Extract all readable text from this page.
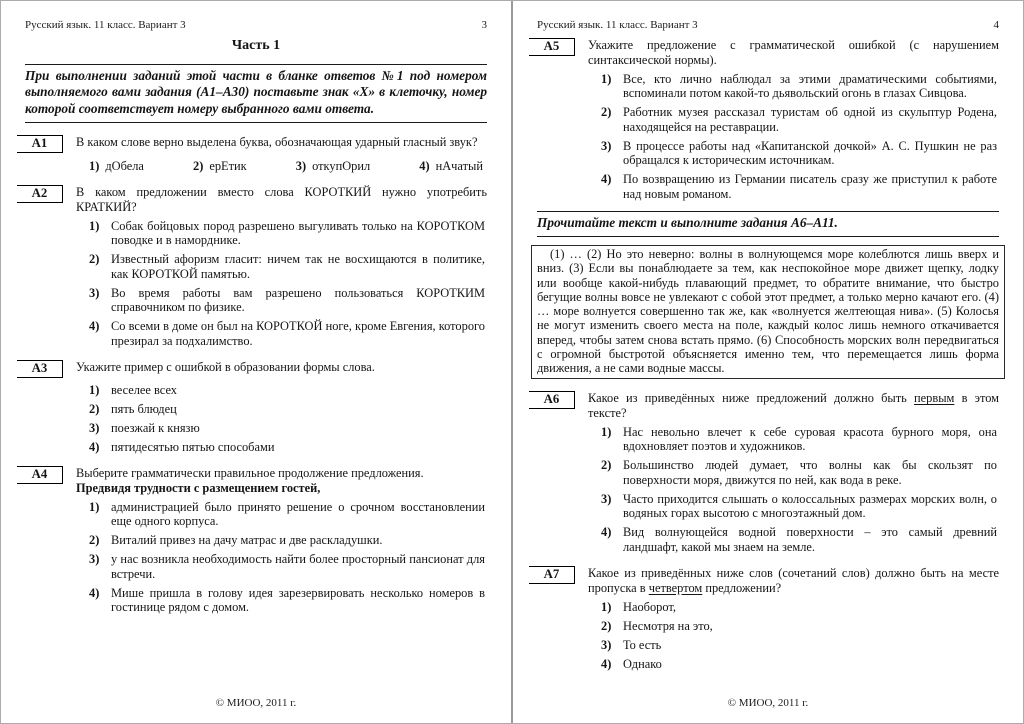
Русский язык. 11 класс. Вариант 3	3
Часть 1
При выполнении заданий этой части в бланке ответов №1 под номером выполняемого вами задания (А1–А30) поставьте знак «Х» в клеточку, номер которой соответствует номеру выбранного вами ответа.
А1	В каком слове верно выделена буква, обозначающая ударный гласный звук?
1) дОбела	2) ерЕтик	3) откупОрил	4) нАчатый
А2	В каком предложении вместо слова КОРОТКИЙ нужно употребить КРАТКИЙ?
1) Собак бойцовых пород разрешено выгуливать только на КОРОТКОМ поводке и в наморднике.
2) Известный афоризм гласит: ничем так не восхищаются в политике, как КОРОТКОЙ памятью.
3) Во время работы вам разрешено пользоваться КОРОТКИМ справочником по физике.
4) Со всеми в доме он был на КОРОТКОЙ ноге, кроме Евгения, которого презирал за подхалимство.
А3	Укажите пример с ошибкой в образовании формы слова.
1) веселее всех
2) пять блюдец
3) поезжай к князю
4) пятидесятью пятью способами
А4	Выберите грамматически правильное продолжение предложения.
Предвидя трудности с размещением гостей,
1) администрацией было принято решение о срочном восстановлении еще одного корпуса.
2) Виталий привез на дачу матрас и две раскладушки.
3) у нас возникла необходимость найти более просторный пансионат для встречи.
4) Мише пришла в голову идея зарезервировать несколько номеров в гостинице рядом с домом.
© МИОО, 2011 г.
Русский язык. 11 класс. Вариант 3	4
А5	Укажите предложение с грамматической ошибкой (с нарушением синтаксической нормы).
1) Все, кто лично наблюдал за этими драматическими событиями, вспоминали потом какой-то дьявольский огонь в глазах Сивцова.
2) Работник музея рассказал туристам об одной из скульптур Родена, находящейся на реставрации.
3) В процессе работы над «Капитанской дочкой» А. С. Пушкин не раз обращался к историческим источникам.
4) По возвращению из Германии писатель сразу же приступил к работе над новым романом.
Прочитайте текст и выполните задания А6–А11.
(1) … (2) Но это неверно: волны в волнующемся море колеблются лишь вверх и вниз. (3) Если вы понаблюдаете за тем, как неспокойное море движет щепку, лодку или вообще какой-нибудь плавающий предмет, то обратите внимание, что быстро бегущие волны вовсе не увлекают с собой этот предмет, а только мерно качают его. (4) … море волнуется совершенно так же, как «волнуется желтеющая нива». (5) Колосья не могут изменить своего места на поле, каждый колос лишь немного откачивается вперед, чтобы затем снова встать прямо. (6) Способность морских волн передвигаться с огромной быстротой объясняется именно тем, что перемещается лишь форма движения, а не сами водные массы.
А6	Какое из приведённых ниже предложений должно быть первым в этом тексте?
1) Нас невольно влечет к себе суровая красота бурного моря, она вдохновляет поэтов и художников.
2) Большинство людей думает, что волны как бы скользят по поверхности моря, движутся по ней, как вода в реке.
3) Часто приходится слышать о колоссальных размерах морских волн, о водяных горах высотою с многоэтажный дом.
4) Вид волнующейся водной поверхности – это самый древний ландшафт, какой мы знаем на земле.
А7	Какое из приведённых ниже слов (сочетаний слов) должно быть на месте пропуска в четвертом предложении?
1) Наоборот,
2) Несмотря на это,
3) То есть
4) Однако
© МИОО, 2011 г.
